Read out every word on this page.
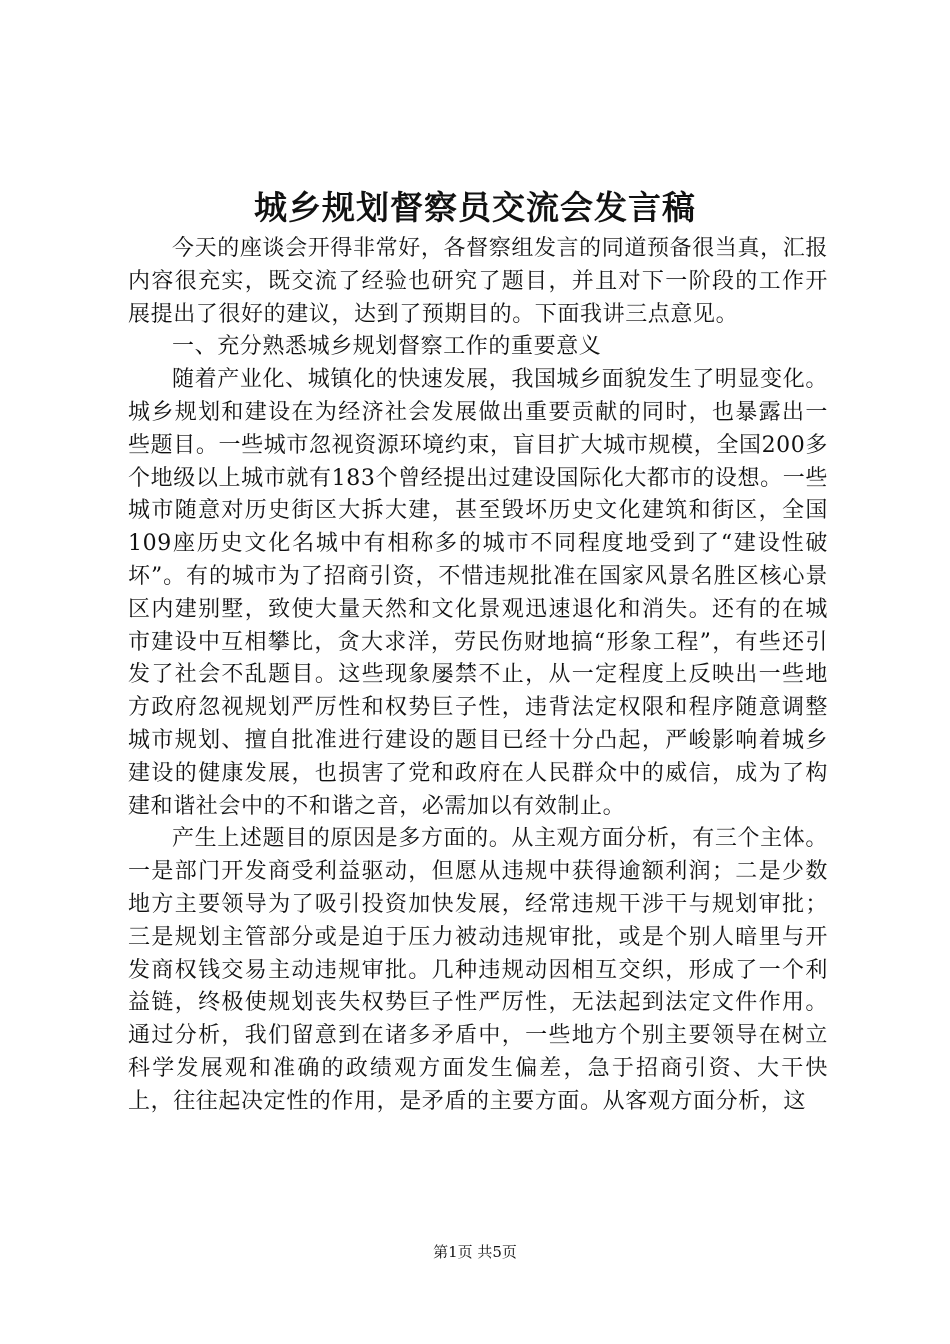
城乡规划督察员交流会发言稿

今天的座谈会开得非常好，各督察组发言的同道预备很当真，汇报内容很充实，既交流了经验也研究了题目，并且对下一阶段的工作开展提出了很好的建议，达到了预期目的。下面我讲三点意见。

一、充分熟悉城乡规划督察工作的重要意义

随着产业化、城镇化的快速发展，我国城乡面貌发生了明显变化。城乡规划和建设在为经济社会发展做出重要贡献的同时，也暴露出一些题目。一些城市忽视资源环境约束，盲目扩大城市规模，全国200多个地级以上城市就有183个曾经提出过建设国际化大都市的设想。一些城市随意对历史街区大拆大建，甚至毁坏历史文化建筑和街区，全国109座历史文化名城中有相称多的城市不同程度地受到了“建设性破坏”。有的城市为了招商引资，不惜违规批准在国家风景名胜区核心景区内建别墅，致使大量天然和文化景观迅速退化和消失。还有的在城市建设中互相攀比，贪大求洋，劳民伤财地搞“形象工程”，有些还引发了社会不乱题目。这些现象屡禁不止，从一定程度上反映出一些地方政府忽视规划严厉性和权势巨子性，违背法定权限和程序随意调整城市规划、擅自批准进行建设的题目已经十分凸起，严峻影响着城乡建设的健康发展，也损害了党和政府在人民群众中的威信，成为了构建和谐社会中的不和谐之音，必需加以有效制止。

产生上述题目的原因是多方面的。从主观方面分析，有三个主体。一是部门开发商受利益驱动，但愿从违规中获得逾额利润；二是少数地方主要领导为了吸引投资加快发展，经常违规干涉干与规划审批；三是规划主管部分或是迫于压力被动违规审批，或是个别人暗里与开发商权钱交易主动违规审批。几种违规动因相互交织，形成了一个利益链，终极使规划丧失权势巨子性严厉性，无法起到法定文件作用。通过分析，我们留意到在诸多矛盾中，一些地方个别主要领导在树立科学发展观和准确的政绩观方面发生偏差，急于招商引资、大干快上，往往起决定性的作用，是矛盾的主要方面。从客观方面分析，这

第1页 共5页
